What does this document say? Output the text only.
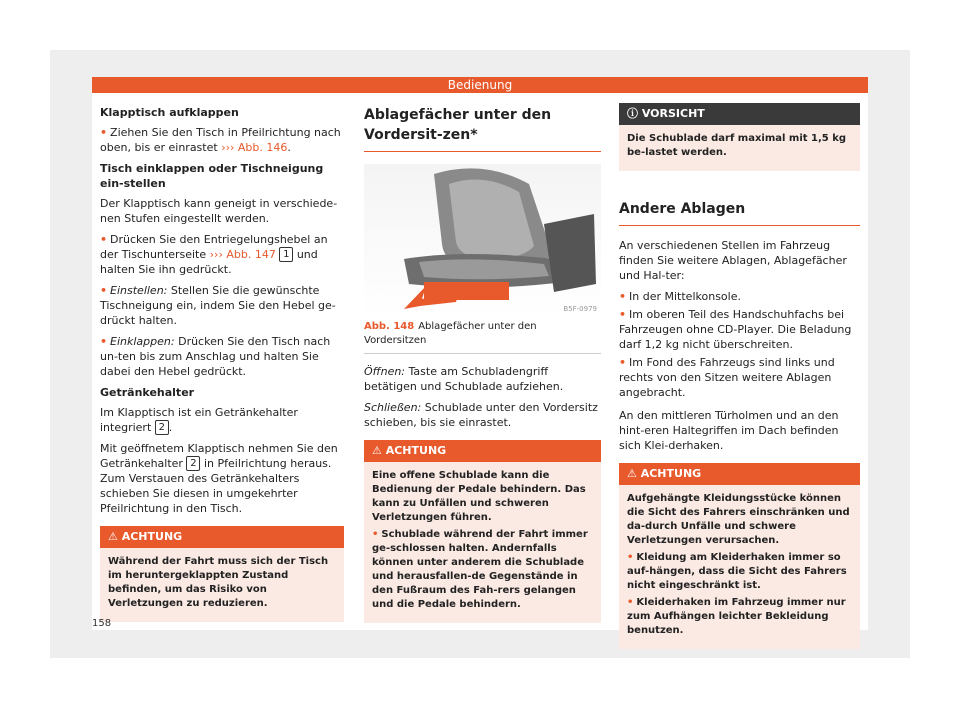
Bedienung

Klapptisch aufklappen

• Ziehen Sie den Tisch in Pfeilrichtung nach oben, bis er einrastet ››› Abb. 146.

Tisch einklappen oder Tischneigung ein-stellen

Der Klapptisch kann geneigt in verschiede-nen Stufen eingestellt werden.

• Drücken Sie den Entriegelungshebel an der Tischunterseite ››› Abb. 147 1 und halten Sie ihn gedrückt.

• Einstellen: Stellen Sie die gewünschte Tischneigung ein, indem Sie den Hebel ge-drückt halten.

• Einklappen: Drücken Sie den Tisch nach un-ten bis zum Anschlag und halten Sie dabei den Hebel gedrückt.

Getränkehalter

Im Klapptisch ist ein Getränkehalter integriert 2 .

Mit geöffnetem Klapptisch nehmen Sie den Getränkehalter 2 in Pfeilrichtung heraus. Zum Verstauen des Getränkehalters schieben Sie diesen in umgekehrter Pfeilrichtung in den Tisch.

⚠ ACHTUNG

Während der Fahrt muss sich der Tisch im heruntergeklappten Zustand befinden, um das Risiko von Verletzungen zu reduzieren.

Ablagefächer unter den Vordersit-zen*

B5F-0979
Abb. 148 Ablagefächer unter den Vordersitzen

Öffnen: Taste am Schubladengriff betätigen und Schublade aufziehen.

Schließen: Schublade unter den Vordersitz schieben, bis sie einrastet.

⚠ ACHTUNG

Eine offene Schublade kann die Bedienung der Pedale behindern. Das kann zu Unfällen und schweren Verletzungen führen.

• Schublade während der Fahrt immer ge-schlossen halten. Andernfalls können unter anderem die Schublade und herausfallen-de Gegenstände in den Fußraum des Fah-rers gelangen und die Pedale behindern.

ⓘ VORSICHT

Die Schublade darf maximal mit 1,5 kg be-lastet werden.

Andere Ablagen

An verschiedenen Stellen im Fahrzeug finden Sie weitere Ablagen, Ablagefächer und Hal-ter:

• In der Mittelkonsole.

• Im oberen Teil des Handschuhfachs bei Fahrzeugen ohne CD-Player. Die Beladung darf 1,2 kg nicht überschreiten.

• Im Fond des Fahrzeugs sind links und rechts von den Sitzen weitere Ablagen angebracht.

An den mittleren Türholmen und an den hint-eren Haltegriffen im Dach befinden sich Klei-derhaken.

⚠ ACHTUNG

Aufgehängte Kleidungsstücke können die Sicht des Fahrers einschränken und da-durch Unfälle und schwere Verletzungen verursachen.

• Kleidung am Kleiderhaken immer so auf-hängen, dass die Sicht des Fahrers nicht eingeschränkt ist.

• Kleiderhaken im Fahrzeug immer nur zum Aufhängen leichter Bekleidung benutzen.

158
